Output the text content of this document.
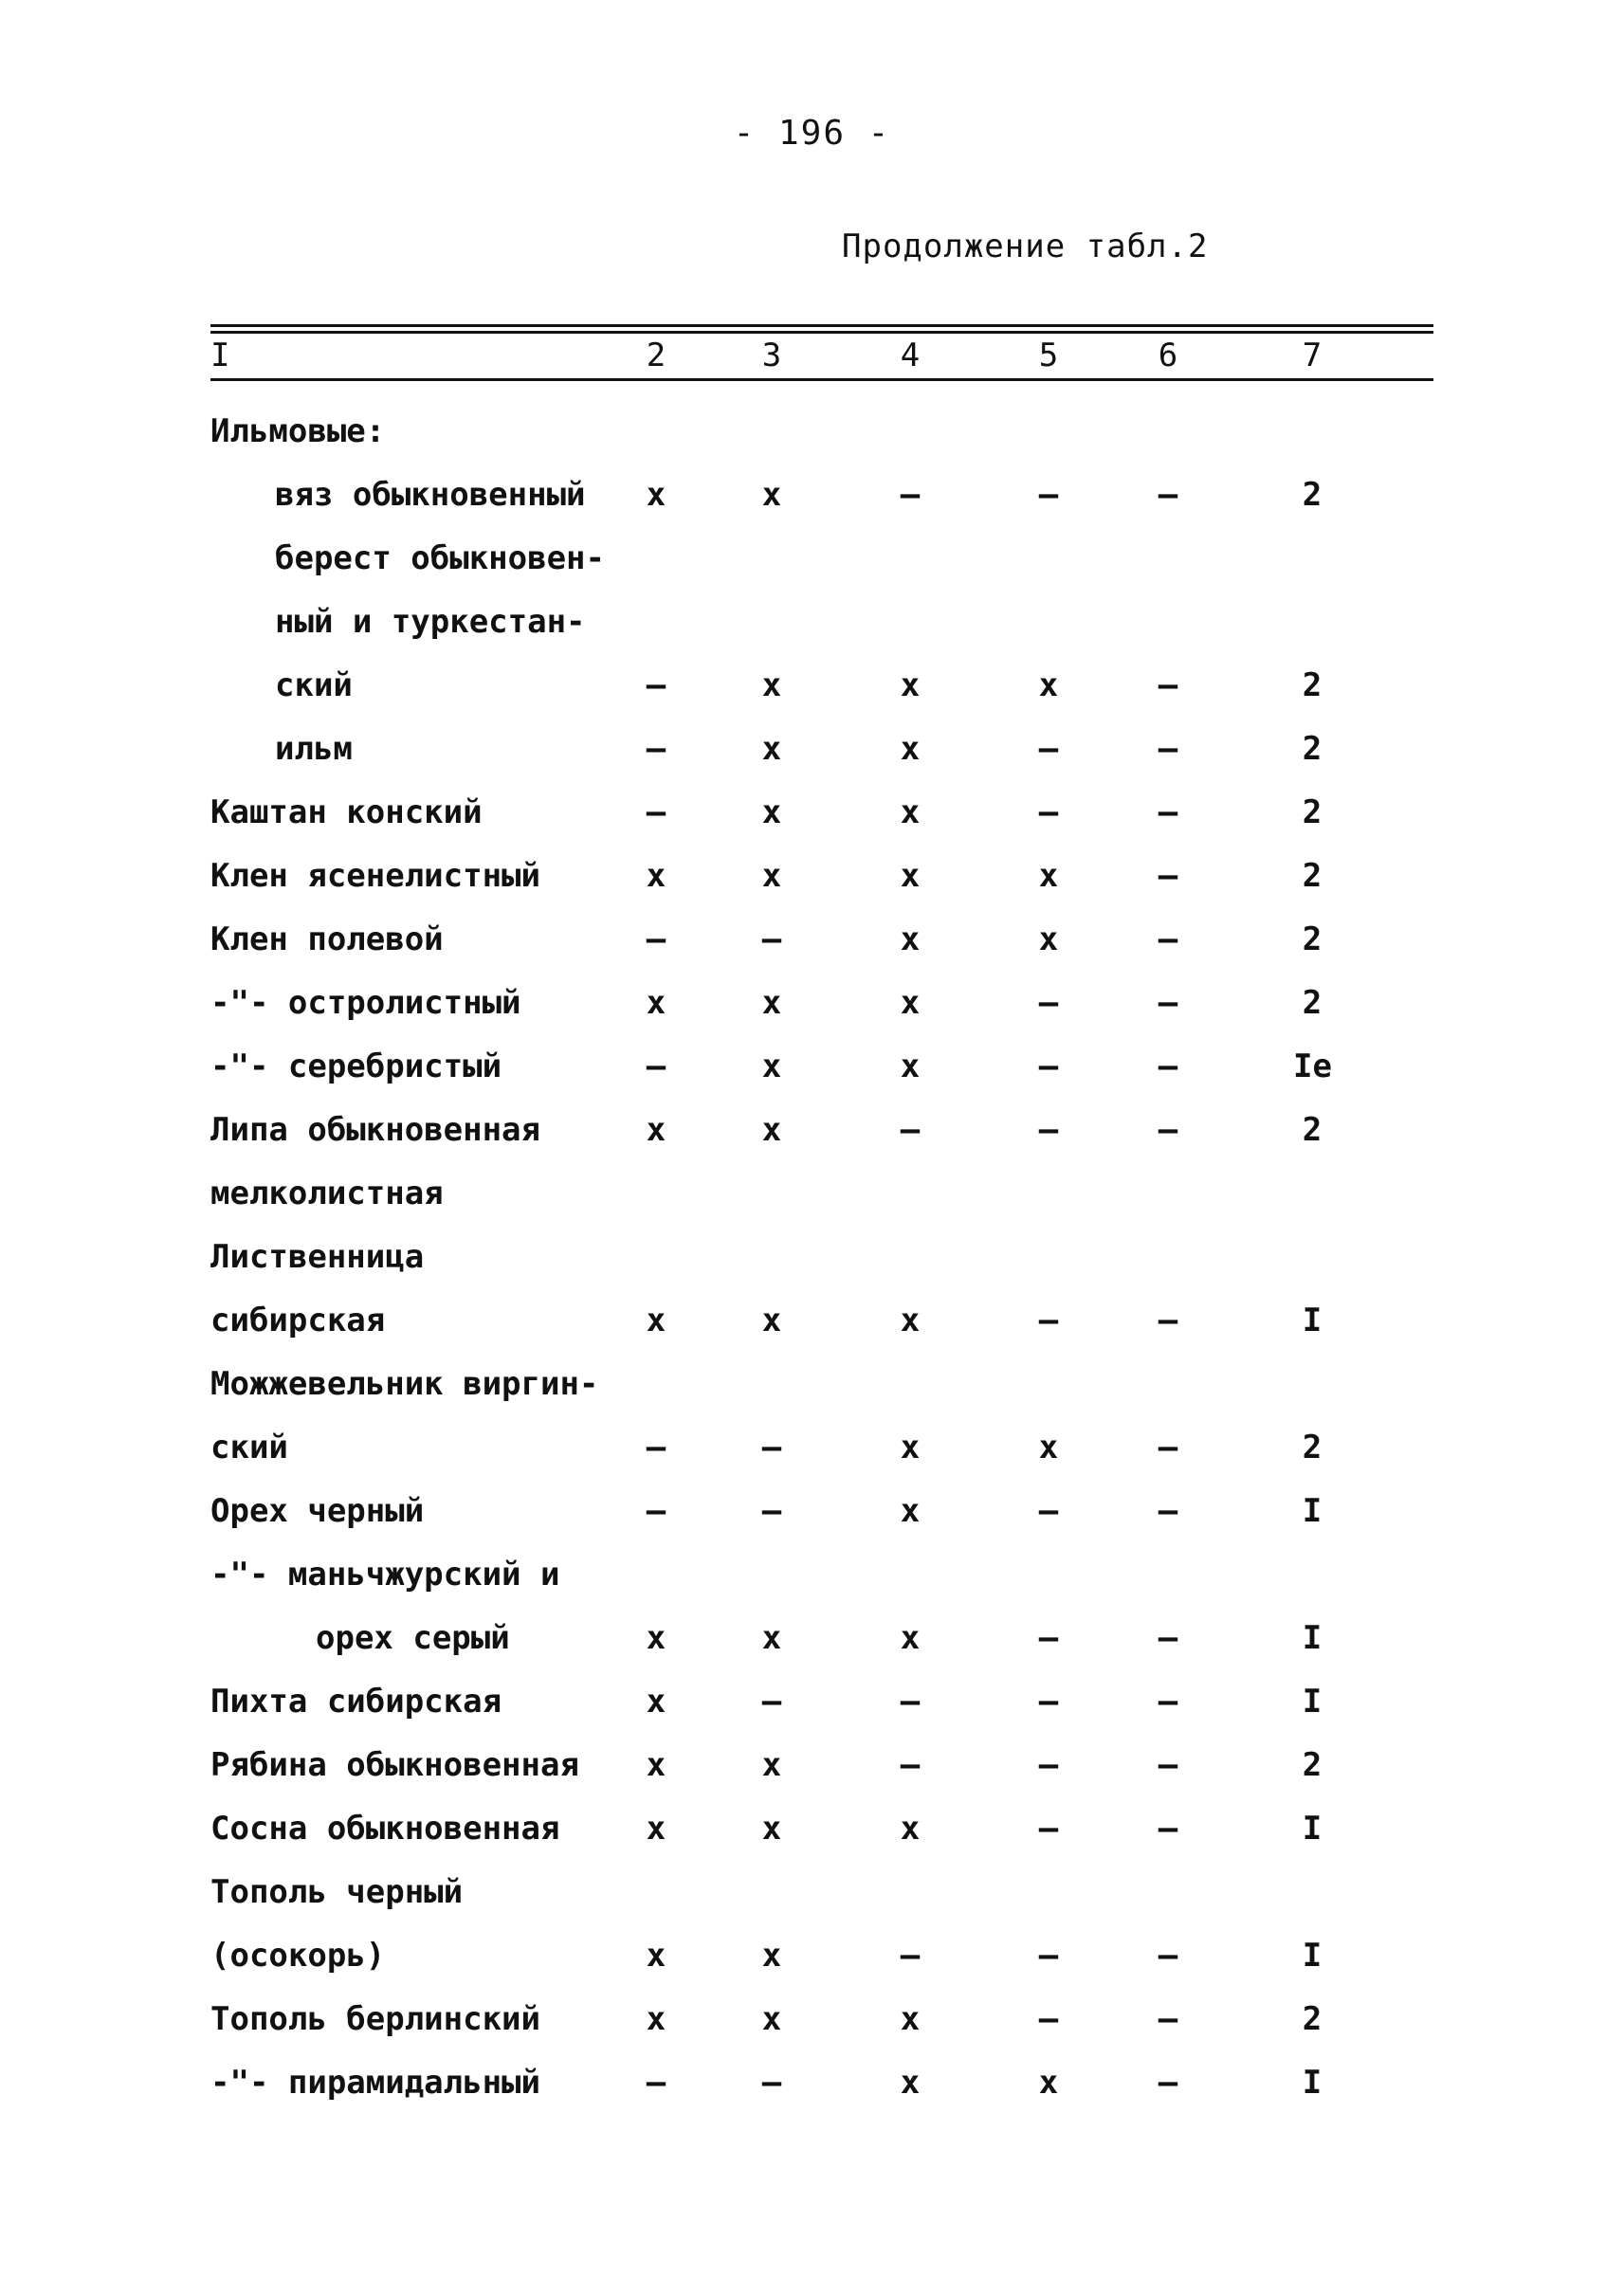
- 196 -
Продолжение табл.2
I	2	3	4	5	6	7
Ильмовые:
вяз обыкновенный x	x	–	–	–	2
берест обыкновен-
ный и туркестан-
ский	–	x	x	x	–	2
ильм	–	x	x	–	–	2
Каштан конский	–	x	x	–	–	2
Клен ясенелистный	x	x	x	x	–	2
Клен полевой	–	–	x	x	–	2
-"- остролистный	x	x	x	–	–	2
-"- серебристый	–	x	x	–	–	Iе
Липа обыкновенная	x	x	–	–	–	2
мелколистная
Лиственница
сибирская	x	x	x	–	–	I
Можжевельник виргин-
ский	–	–	x	x	–	2
Орех черный	–	–	x	–	–	I
-"- маньчжурский и
орех серый	x	x	x	–	–	I
Пихта сибирская	x	–	–	–	–	I
Рябина обыкновенная x	x	–	–	–	2
Сосна обыкновенная	x	x	x	–	–	I
Тополь черный
(осокорь)	x	x	–	–	–	I
Тополь берлинский	x	x	x	–	–	2
-"- пирамидальный	–	–	x	x	–	I
